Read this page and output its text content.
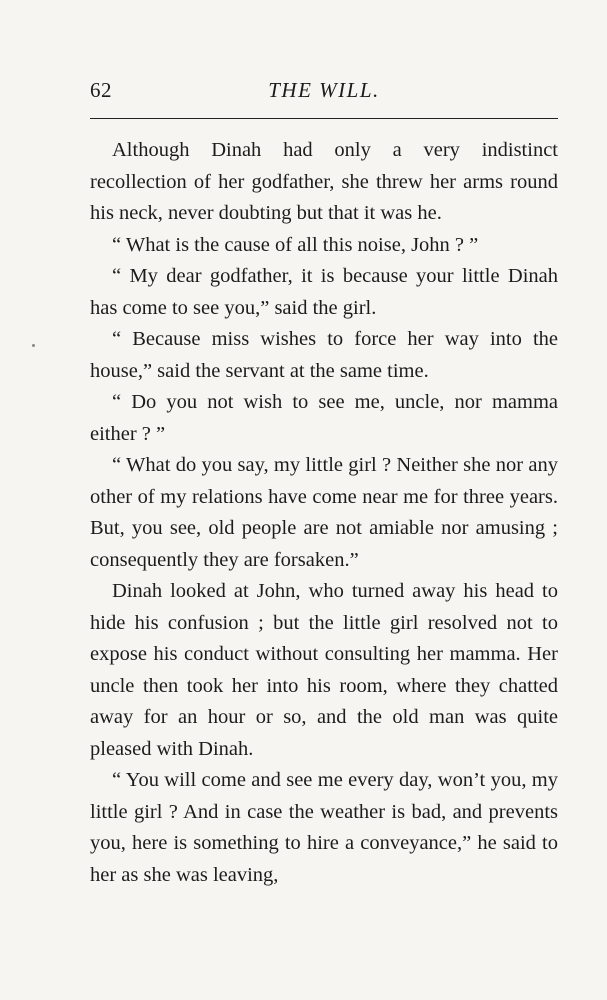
62	THE WILL.

Although Dinah had only a very indistinct recollection of her godfather, she threw her arms round his neck, never doubting but that it was he.

“ What is the cause of all this noise, John ? ”

“ My dear godfather, it is because your little Dinah has come to see you,” said the girl.

“ Because miss wishes to force her way into the house,” said the servant at the same time.

“ Do you not wish to see me, uncle, nor mamma either ? ”

“ What do you say, my little girl ? Neither she nor any other of my relations have come near me for three years. But, you see, old people are not amiable nor amusing ; consequently they are forsaken.”

Dinah looked at John, who turned away his head to hide his confusion ; but the little girl resolved not to expose his conduct without consulting her mamma. Her uncle then took her into his room, where they chatted away for an hour or so, and the old man was quite pleased with Dinah.

“ You will come and see me every day, won’t you, my little girl ? And in case the weather is bad, and prevents you, here is something to hire a conveyance,” he said to her as she was leaving,
